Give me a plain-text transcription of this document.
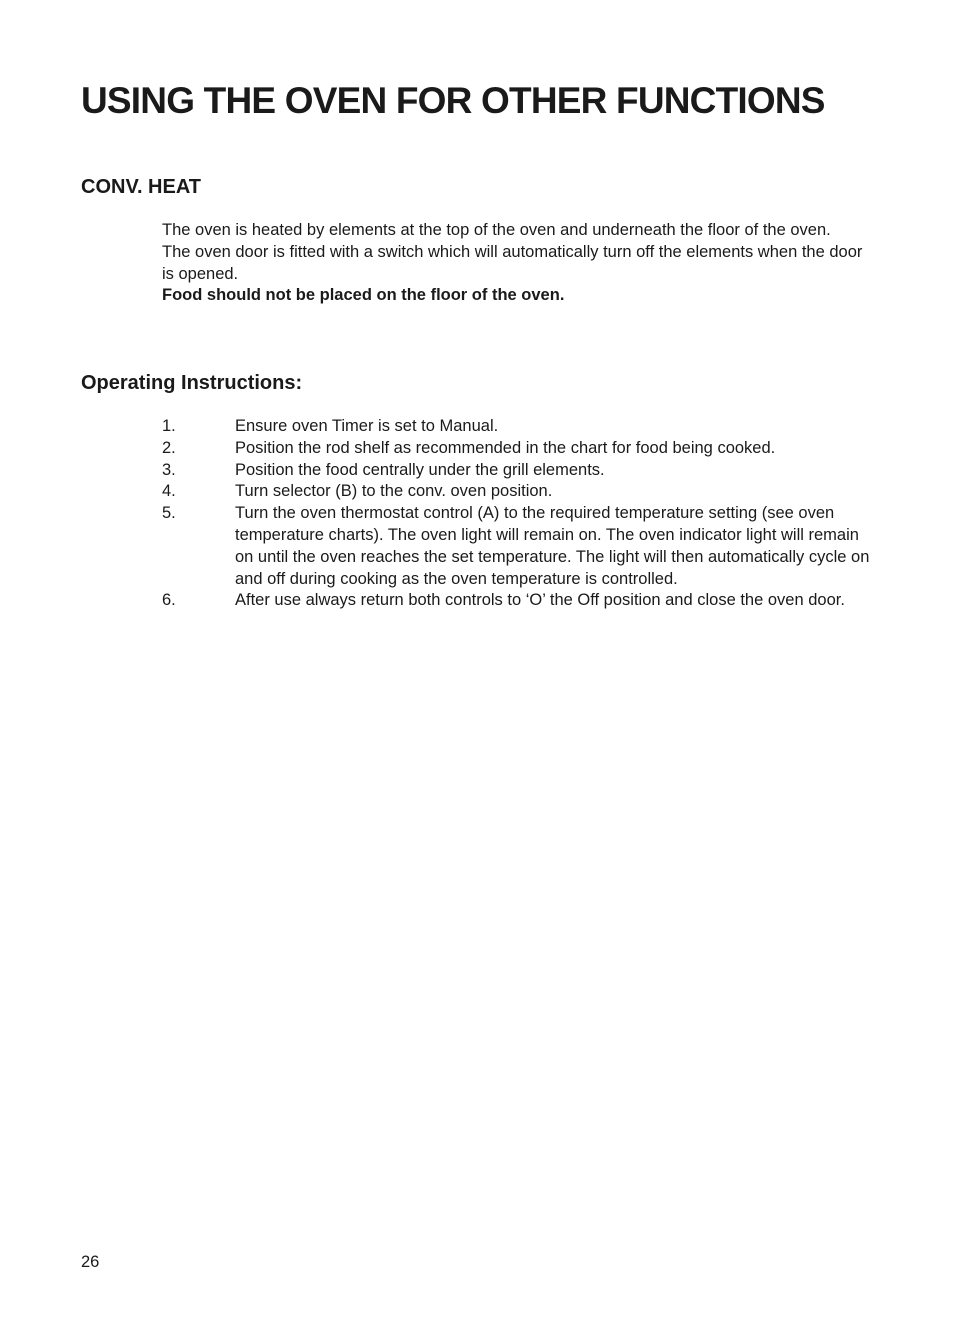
USING THE OVEN FOR OTHER FUNCTIONS
CONV. HEAT

The oven is heated by elements at the top of the oven and underneath the floor of the oven.

The oven door is fitted with a switch which will automatically turn off the elements when the door is opened.

Food should not be placed on the floor of the oven.

Operating Instructions:
1.	Ensure oven Timer is set to Manual.
2.	Position the rod shelf as recommended in the chart for food being cooked.
3.	Position the food centrally under the grill elements.
4.	Turn selector (B) to the conv. oven position.
5.	Turn the oven thermostat control (A) to the required temperature setting (see oven temperature charts). The oven light will remain on. The oven indicator light will remain on until the oven reaches the set temperature. The light will then automatically cycle on and off during cooking as the oven temperature is controlled.
6.	After use always return both controls to ‘O’ the Off position and close the oven door.
26
